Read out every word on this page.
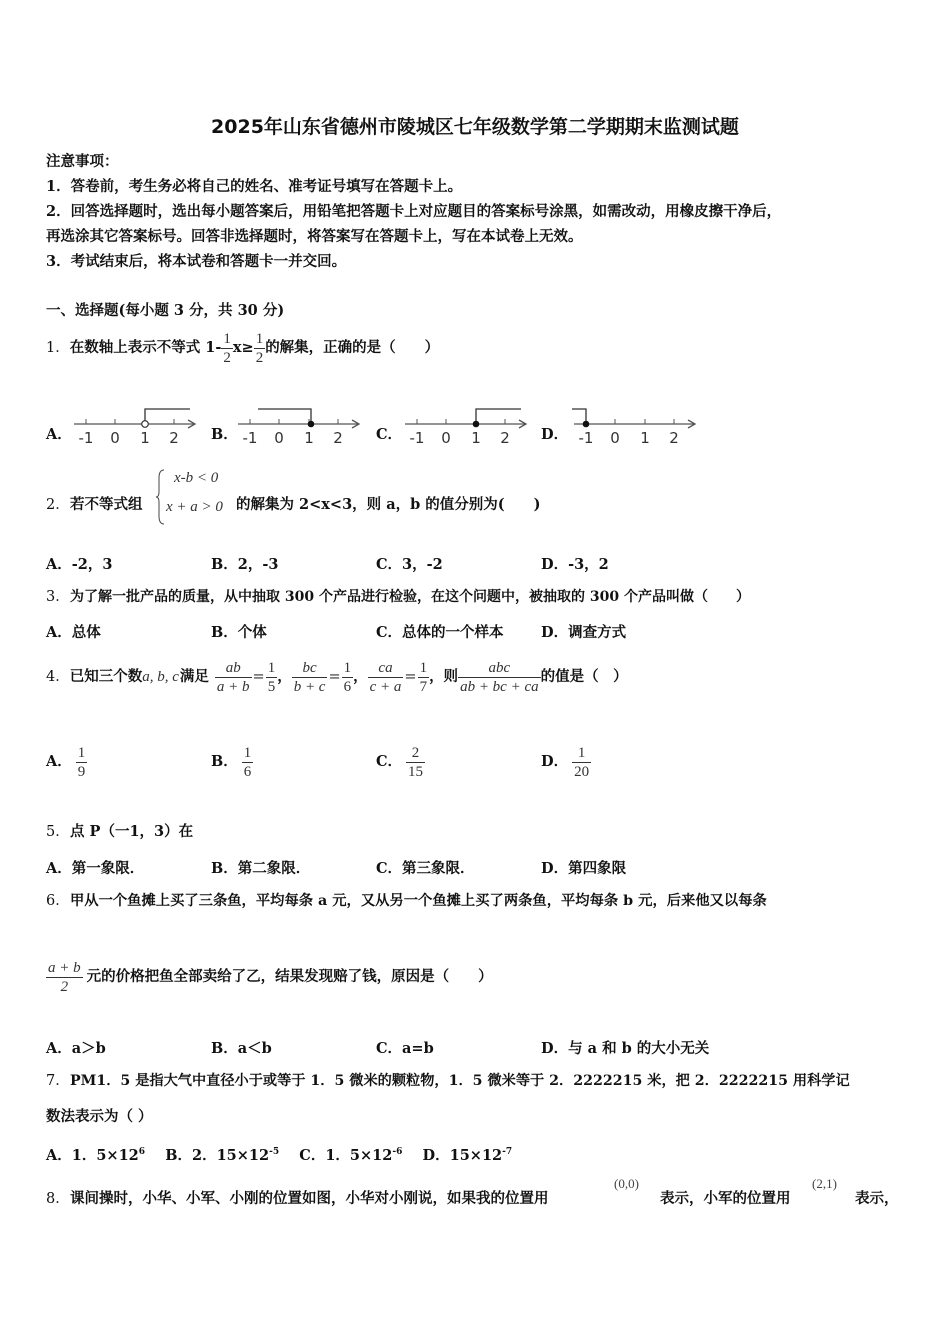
2025年山东省德州市陵城区七年级数学第二学期期末监测试题
注意事项：
1．答卷前，考生务必将自己的姓名、准考证号填写在答题卡上。
2．回答选择题时，选出每小题答案后，用铅笔把答题卡上对应题目的答案标号涂黑，如需改动，用橡皮擦干净后，
再选涂其它答案标号。回答非选择题时，将答案写在答题卡上，写在本试卷上无效。
3．考试结束后，将本试卷和答题卡一并交回。
一、选择题(每小题 3 分，共 30 分)
1． 在数轴上表示不等式 $1- \frac{1}{2} x\ge \frac{1}{2}$ 的解集，正确的是（　　）
A．	B．	C．	D．
-1 0 1 2	-1 0 1 2	-1 0 1 2	-1 0 1 2
2． 若不等式组
x-b < 0
x + a > 0 的解集为 2<x<3，则 a，b 的值分别为(　　)
A．-2，3	B．2，-3	C．3，-2	D．-3，2
3． 为了解一批产品的质量，从中抽取 300 个产品进行检验，在这个问题中，被抽取的 300 个产品叫做（　　）
A．总体	B．个体	C．总体的一个样本	D．调查方式
4． 已知三个数 a, b, c 满足 $\frac{ab}{a + b} = \frac{1}{5}$ ， $\frac{bc}{b + c} = \frac{1}{6}$ ， $\frac{ca}{c + a} = \frac{1}{7}$ ，则 $\frac{\text{abc}}{ab + bc + ca}$ 的值是（　）
A． $\frac{1}{9}$	B． $\frac{1}{6}$	C． $\frac{2}{15}$	D． $\frac{1}{20}$
5． 点 P（一1，3）在
A．第一象限．	B．第二象限．	C．第三象限．	D．第四象限
6． 甲从一个鱼摊上买了三条鱼，平均每条 a 元，又从另一个鱼摊上买了两条鱼，平均每条 b 元，后来他又以每条
$\frac{a + b}{2}$ 元的价格把鱼全部卖给了乙，结果发现赔了钱，原因是（　　）
A．a＞b	B．a＜b	C．a=b	D．与 a 和 b 的大小无关
7． PM1．5 是指大气中直径小于或等于 1．5 微米的颗粒物，1．5 微米等于 2．2222215 米，把 2．2222215 用科学记
数法表示为（ ）
A．1．$5\times 12^6$ B．2．$15\times 12^{-5}$ C．1．$5\times 12^{-6}$ D．$15\times 12^{-7}$
8． 课间操时，小华、小军、小刚的位置如图，小华对小刚说，如果我的位置用
(0,0)
表示，小军的位置用
(2,1)
表示，
